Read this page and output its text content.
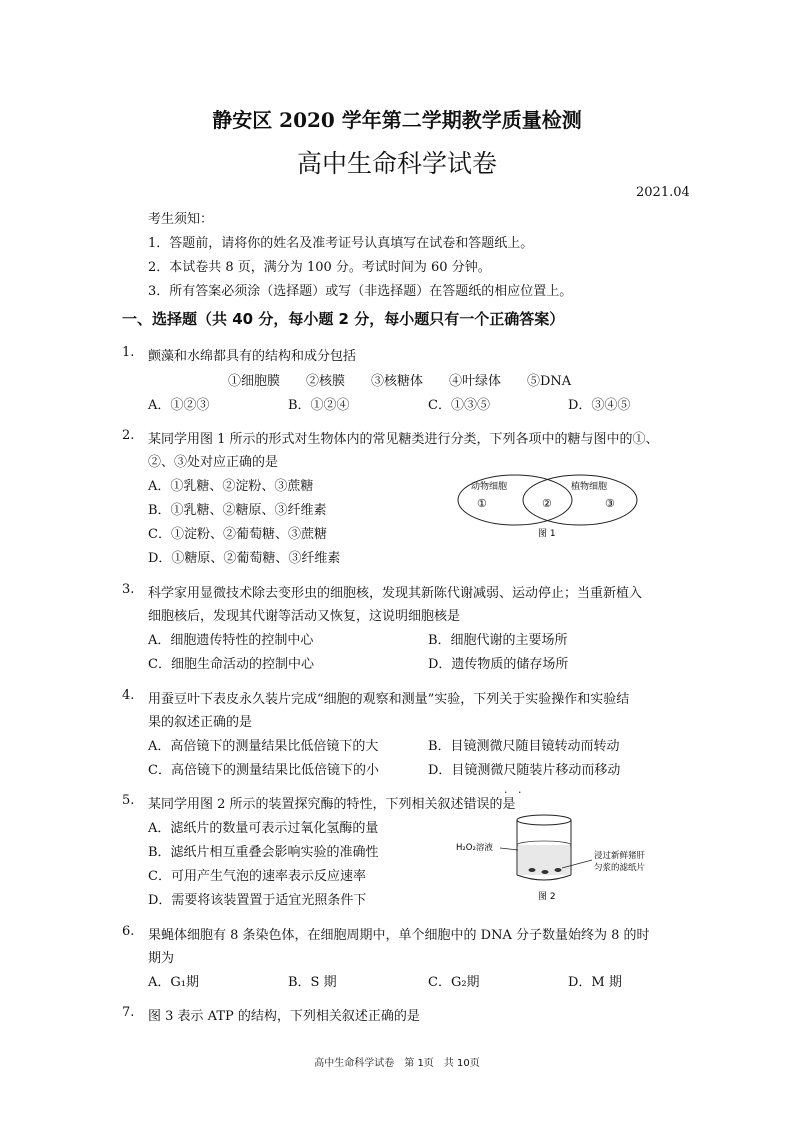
静安区 2020 学年第二学期教学质量检测
高中生命科学试卷
2021.04
考生须知：
1．答题前，请将你的姓名及准考证号认真填写在试卷和答题纸上。
2．本试卷共 8 页，满分为 100 分。考试时间为 60 分钟。
3．所有答案必须涂（选择题）或写（非选择题）在答题纸的相应位置上。
一、选择题（共 40 分，每小题 2 分，每小题只有一个正确答案）
1. 颤藻和水绵都具有的结构和成分包括
①细胞膜　　②核膜　　③核糖体　　④叶绿体　　⑤DNA
A．①②③	B．①②④	C．①③⑤	D．③④⑤
2. 某同学用图 1 所示的形式对生物体内的常见糖类进行分类，下列各项中的糖与图中的①、
②、③处对应正确的是
A．①乳糖、②淀粉、③蔗糖
B．①乳糖、②糖原、③纤维素
C．①淀粉、②葡萄糖、③蔗糖
D．①糖原、②葡萄糖、③纤维素
动物细胞	植物细胞
①	②	③
图 1
3. 科学家用显微技术除去变形虫的细胞核，发现其新陈代谢减弱、运动停止；当重新植入
细胞核后，发现其代谢等活动又恢复，这说明细胞核是
A．细胞遗传特性的控制中心	B．细胞代谢的主要场所
C．细胞生命活动的控制中心	D．遗传物质的储存场所
4. 用蚕豆叶下表皮永久装片完成“细胞的观察和测量”实验，下列关于实验操作和实验结
果的叙述正确的是
A．高倍镜下的测量结果比低倍镜下的大	B．目镜测微尺随目镜转动而转动
C．高倍镜下的测量结果比低倍镜下的小	D．目镜测微尺随装片移动而移动
5. 某同学用图 2 所示的装置探究酶的特性，下列相关叙述错误的是
· ·
A．滤纸片的数量可表示过氧化氢酶的量
B．滤纸片相互重叠会影响实验的准确性
C．可用产生气泡的速率表示反应速率
D．需要将该装置置于适宜光照条件下
H₂O₂溶液
浸过新鲜猪肝
匀浆的滤纸片
图 2
6. 果蝇体细胞有 8 条染色体，在细胞周期中，单个细胞中的 DNA 分子数量始终为 8 的时
期为
A．G₁期	B．S 期	C．G₂期	D．M 期
7. 图 3 表示 ATP 的结构，下列相关叙述正确的是
高中生命科学试卷　第 1页　共 10页
